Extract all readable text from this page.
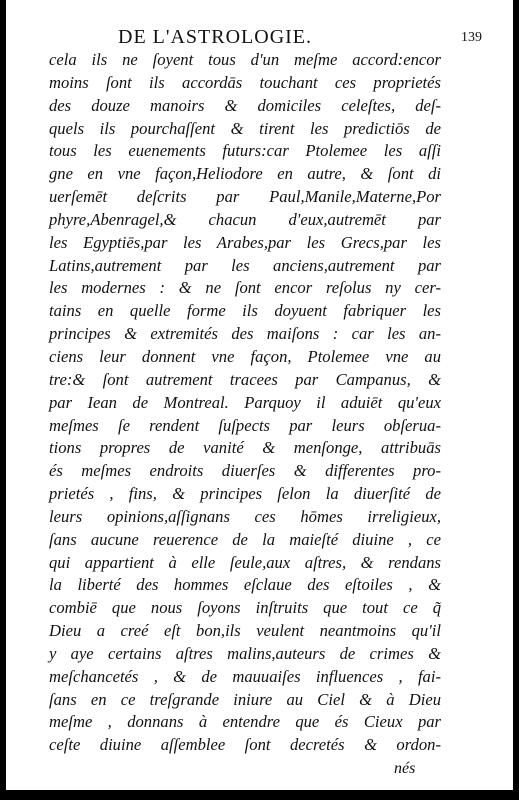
DE L'ASTROLOGIE.	139
cela ils ne ſoyent tous d'un meſme accord:encor
moins ſont ils accordās touchant ces proprietés
des douze manoirs & domiciles celeſtes, deſ-
quels ils pourchaſſent & tirent les predictiōs de
tous les euenements futurs:car Ptolemee les aſſi
gne en vne façon,Heliodore en autre, & ſont di
uerſemēt deſcrits par Paul,Manile,Materne,Por
phyre,Abenragel,& chacun d'eux,autremēt par
les Egyptiēs,par les Arabes,par les Grecs,par les
Latins,autrement par les anciens,autrement par
les modernes : & ne ſont encor reſolus ny cer-
tains en quelle forme ils doyuent fabriquer les
principes & extremités des maiſons : car les an-
ciens leur donnent vne façon, Ptolemee vne au
tre:& ſont autrement tracees par Campanus, &
par Iean de Montreal. Parquoy il aduiēt qu'eux
meſmes ſe rendent ſuſpects par leurs obſerua-
tions propres de vanité & menſonge, attribuās
és meſmes endroits diuerſes & differentes pro-
prietés , fins, & principes ſelon la diuerſité de
leurs opinions,aſſignans ces hōmes irreligieux,
ſans aucune reuerence de la maieſté diuine , ce
qui appartient à elle ſeule,aux aſtres, & rendans
la liberté des hommes eſclaue des eſtoiles , &
combiē que nous ſoyons inſtruits que tout ce q̃
Dieu a creé eſt bon,ils veulent neantmoins qu'il
y aye certains aſtres malins,auteurs de crimes &
meſchancetés , & de mauuaiſes influences , fai-
ſans en ce treſgrande iniure au Ciel & à Dieu
meſme , donnans à entendre que és Cieux par
ceſte diuine aſſemblee ſont decretés & ordon-
nés
